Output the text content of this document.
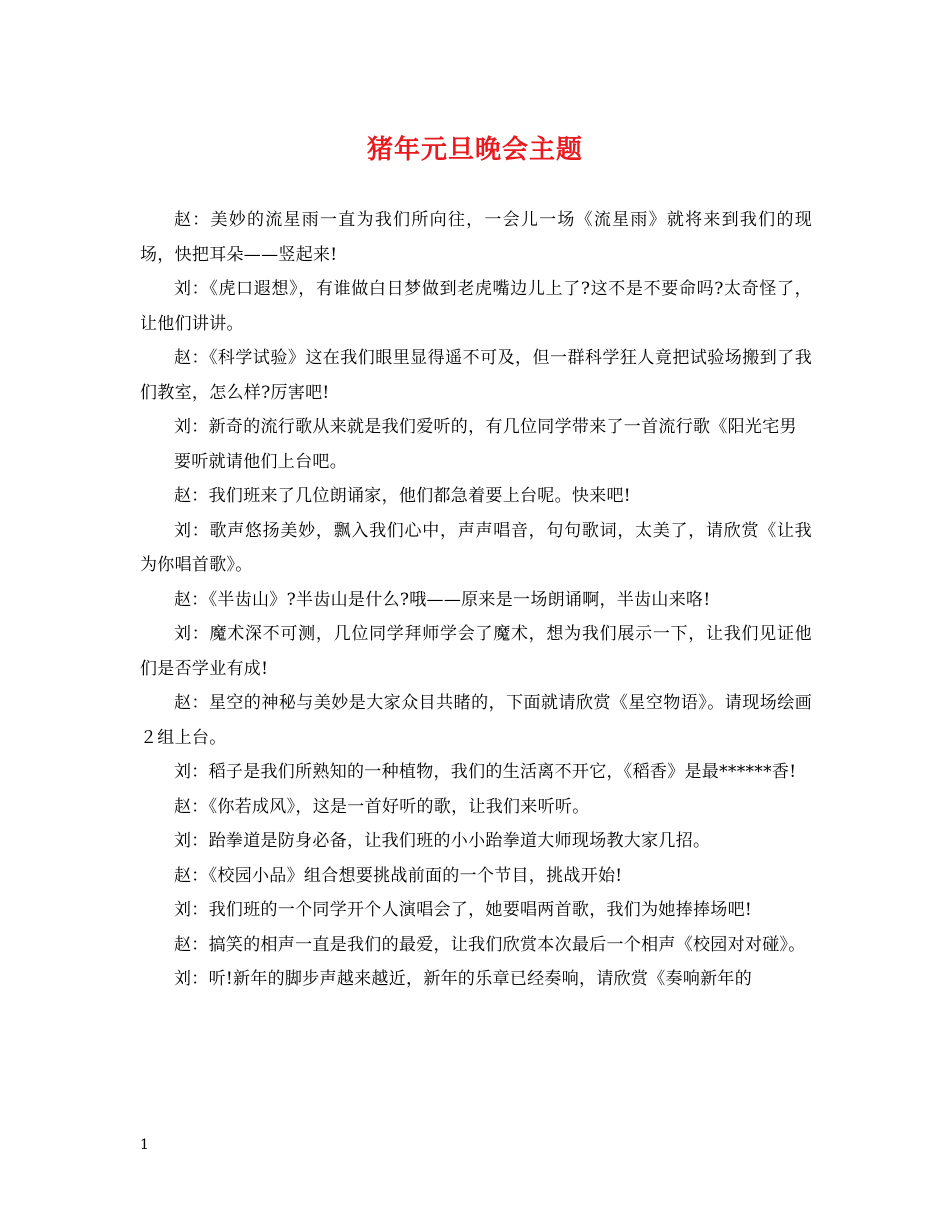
猪年元旦晚会主题

赵：美妙的流星雨一直为我们所向往，一会儿一场《流星雨》就将来到我们的现场，快把耳朵——竖起来!

刘：《虎口遐想》，有谁做白日梦做到老虎嘴边儿上了?这不是不要命吗?太奇怪了，让他们讲讲。

赵：《科学试验》这在我们眼里显得遥不可及，但一群科学狂人竟把试验场搬到了我们教室，怎么样?厉害吧!

刘：新奇的流行歌从来就是我们爱听的，有几位同学带来了一首流行歌《阳光宅男

要听就请他们上台吧。

赵：我们班来了几位朗诵家，他们都急着要上台呢。快来吧!

刘：歌声悠扬美妙，飘入我们心中，声声唱音，句句歌词，太美了，请欣赏《让我为你唱首歌》。

赵：《半齿山》?半齿山是什么?哦——原来是一场朗诵啊，半齿山来咯!

刘：魔术深不可测，几位同学拜师学会了魔术，想为我们展示一下，让我们见证他们是否学业有成!

赵：星空的神秘与美妙是大家众目共睹的，下面就请欣赏《星空物语》。请现场绘画２组上台。

刘：稻子是我们所熟知的一种植物，我们的生活离不开它，《稻香》是最******香!

赵：《你若成风》，这是一首好听的歌，让我们来听听。

刘：跆拳道是防身必备，让我们班的小小跆拳道大师现场教大家几招。

赵：《校园小品》组合想要挑战前面的一个节目，挑战开始!

刘：我们班的一个同学开个人演唱会了，她要唱两首歌，我们为她捧捧场吧!

赵：搞笑的相声一直是我们的最爱，让我们欣赏本次最后一个相声《校园对对碰》。

刘：听!新年的脚步声越来越近，新年的乐章已经奏响，请欣赏《奏响新年的

1
